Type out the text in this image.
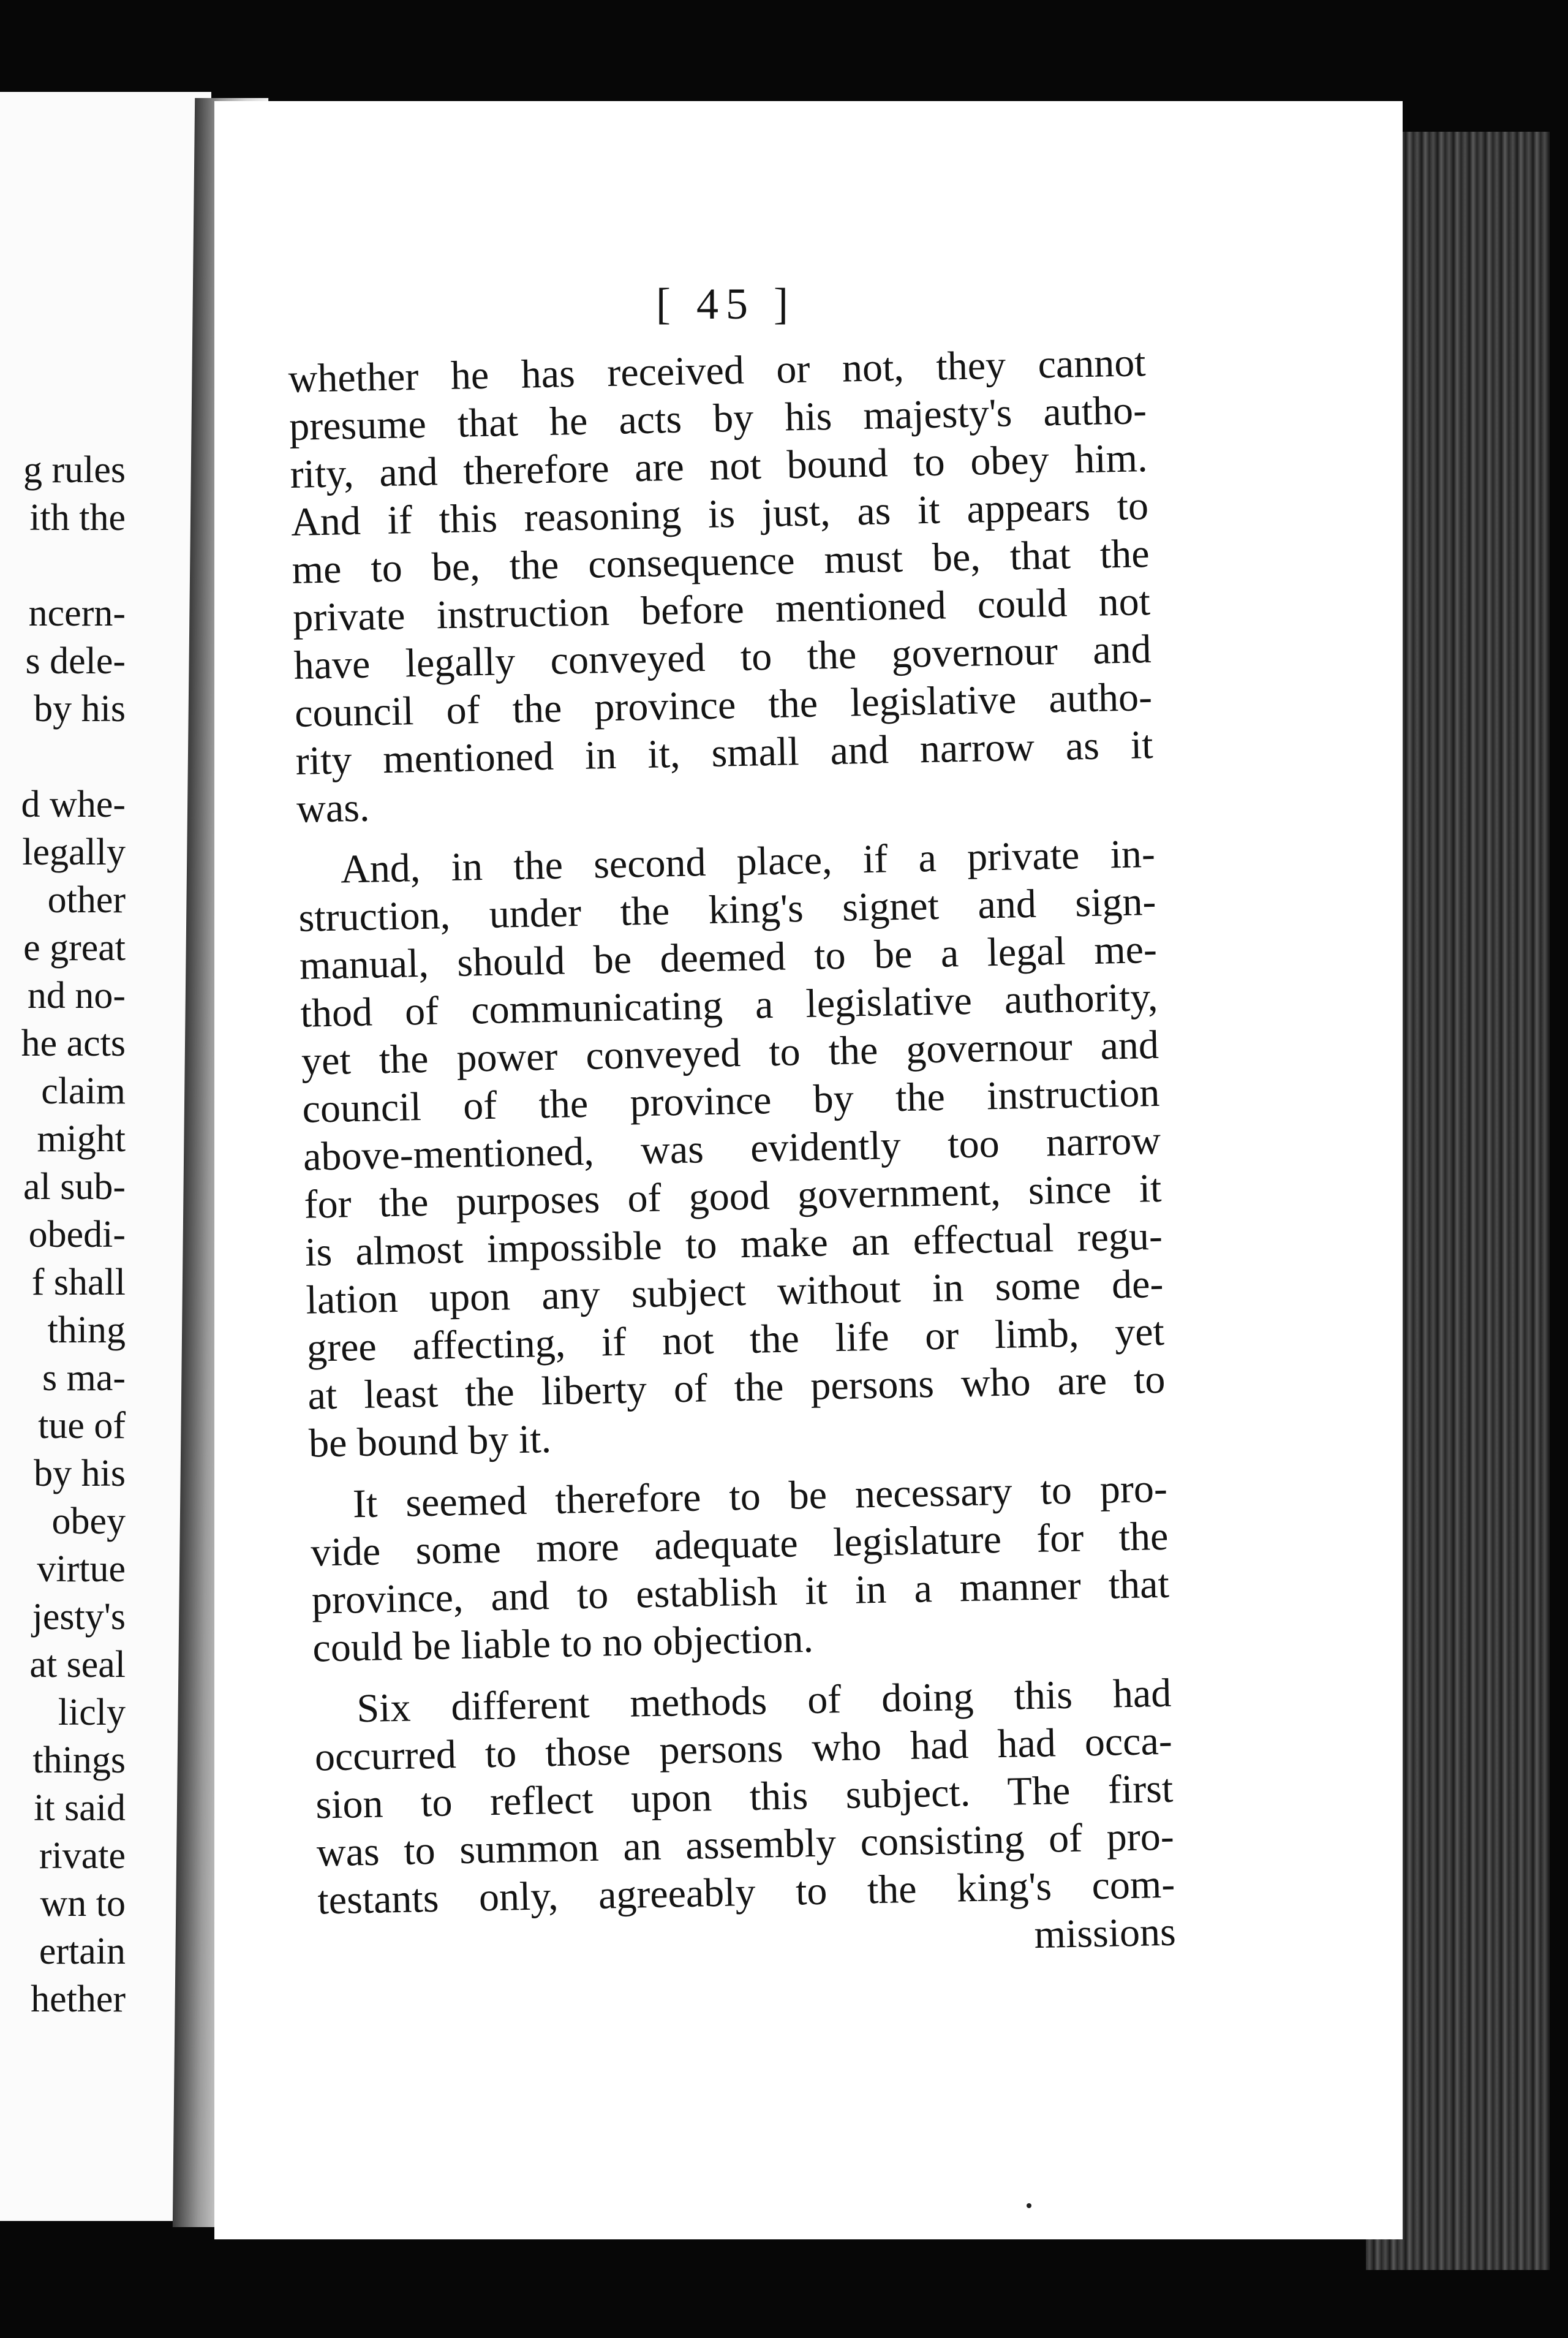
g rules
ith the
ncern-
s dele-
by his
d whe-
legally
other
e great
nd no-
he acts
claim
might
al sub-
obedi-
f shall
thing
s ma-
tue of
by his
obey
virtue
jesty's
at seal
licly
things
it said
rivate
wn to
ertain
hether
[ 45 ]
whether he has received or not, they cannot
presume that he acts by his majesty's autho-
rity, and therefore are not bound to obey him.
And if this reasoning is just, as it appears to
me to be, the consequence must be, that the
private instruction before mentioned could not
have legally conveyed to the governour and
council of the province the legislative autho-
rity mentioned in it, small and narrow as it
was.
And, in the second place, if a private in-
struction, under the king's signet and sign-
manual, should be deemed to be a legal me-
thod of communicating a legislative authority,
yet the power conveyed to the governour and
council of the province by the instruction
above-mentioned, was evidently too narrow
for the purposes of good government, since it
is almost impossible to make an effectual regu-
lation upon any subject without in some de-
gree affecting, if not the life or limb, yet
at least the liberty of the persons who are to
be bound by it.
It seemed therefore to be necessary to pro-
vide some more adequate legislature for the
province, and to establish it in a manner that
could be liable to no objection.
Six different methods of doing this had
occurred to those persons who had had occa-
sion to reflect upon this subject. The first
was to summon an assembly consisting of pro-
testants only, agreeably to the king's com-
missions
